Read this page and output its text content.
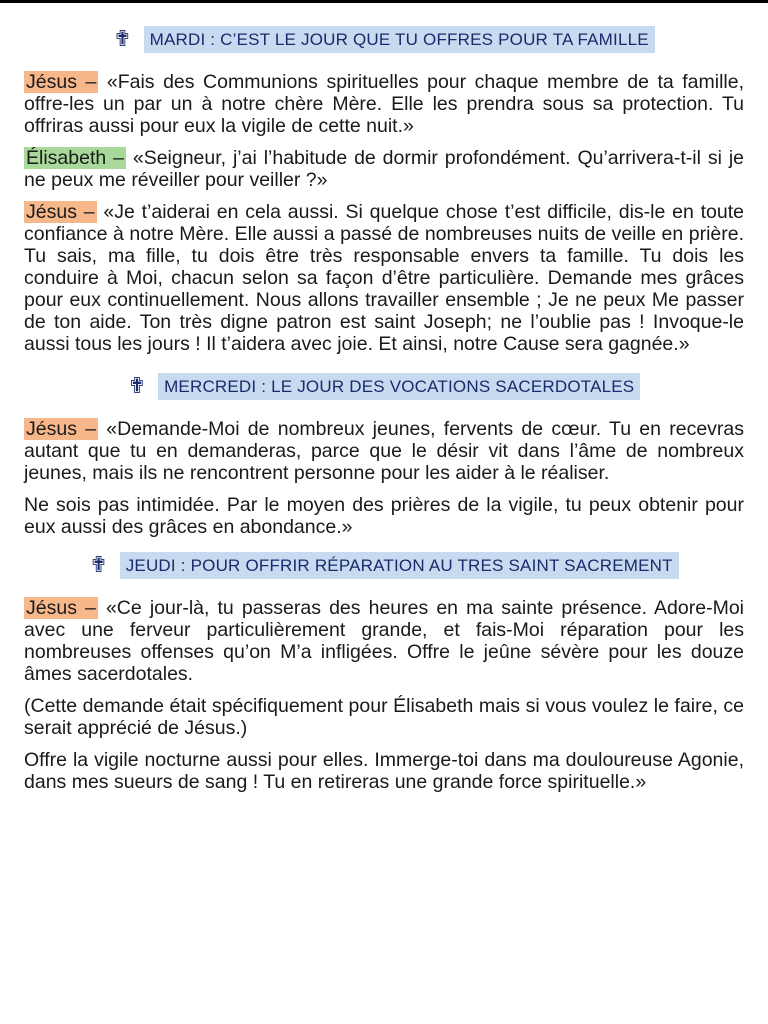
✟	MARDI : C’EST LE JOUR QUE TU OFFRES POUR TA FAMILLE

Jésus – «Fais des Communions spirituelles pour chaque membre de ta famille, offre-les un par un à notre chère Mère. Elle les prendra sous sa protection. Tu offriras aussi pour eux la vigile de cette nuit.»

Élisabeth – «Seigneur, j’ai l’habitude de dormir profondément. Qu’arrivera-t-il si je ne peux me réveiller pour veiller ?»

Jésus – «Je t’aiderai en cela aussi. Si quelque chose t’est difficile, dis-le en toute confiance à notre Mère. Elle aussi a passé de nombreuses nuits de veille en prière. Tu sais, ma fille, tu dois être très responsable envers ta famille. Tu dois les conduire à Moi, chacun selon sa façon d’être particulière. Demande mes grâces pour eux continuellement. Nous allons travailler ensemble ; Je ne peux Me passer de ton aide. Ton très digne patron est saint Joseph; ne l’oublie pas ! Invoque-le aussi tous les jours ! Il t’aidera avec joie. Et ainsi, notre Cause sera gagnée.»

✟	MERCREDI : LE JOUR DES VOCATIONS SACERDOTALES

Jésus – «Demande-Moi de nombreux jeunes, fervents de cœur. Tu en recevras autant que tu en demanderas, parce que le désir vit dans l’âme de nombreux jeunes, mais ils ne rencontrent personne pour les aider à le réaliser.

Ne sois pas intimidée. Par le moyen des prières de la vigile, tu peux obtenir pour eux aussi des grâces en abondance.»

✟	JEUDI : POUR OFFRIR RÉPARATION AU TRES SAINT SACREMENT

Jésus – «Ce jour-là, tu passeras des heures en ma sainte présence. Adore-Moi avec une ferveur particulièrement grande, et fais-Moi réparation pour les nombreuses offenses qu’on M’a infligées. Offre le jeûne sévère pour les douze âmes sacerdotales.

(Cette demande était spécifiquement pour Élisabeth mais si vous voulez le faire, ce serait apprécié de Jésus.)

Offre la vigile nocturne aussi pour elles. Immerge-toi dans ma douloureuse Agonie, dans mes sueurs de sang ! Tu en retireras une grande force spirituelle.»
